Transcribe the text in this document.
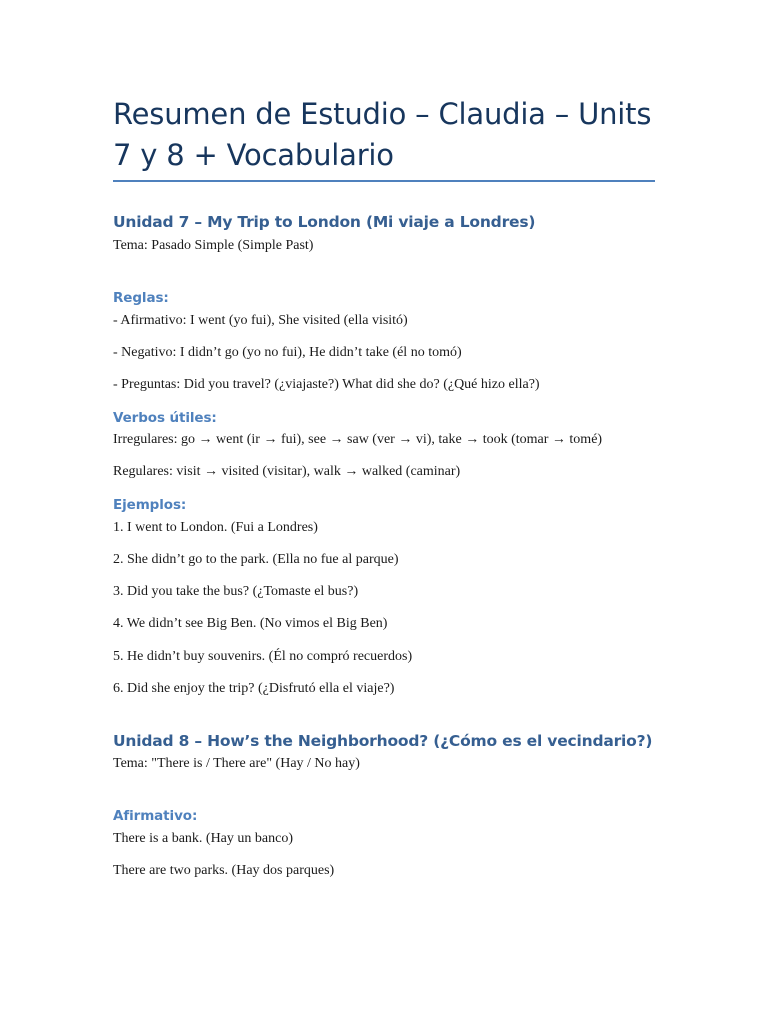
Resumen de Estudio – Claudia – Units 7 y 8 + Vocabulario
Unidad 7 – My Trip to London (Mi viaje a Londres)

Tema: Pasado Simple (Simple Past)

Reglas:

- Afirmativo: I went (yo fui), She visited (ella visitó)

- Negativo: I didn’t go (yo no fui), He didn’t take (él no tomó)

- Preguntas: Did you travel? (¿viajaste?) What did she do? (¿Qué hizo ella?)

Verbos útiles:

Irregulares: go → went (ir → fui), see → saw (ver → vi), take → took (tomar → tomé)

Regulares: visit → visited (visitar), walk → walked (caminar)

Ejemplos:

1. I went to London. (Fui a Londres)

2. She didn’t go to the park. (Ella no fue al parque)

3. Did you take the bus? (¿Tomaste el bus?)

4. We didn’t see Big Ben. (No vimos el Big Ben)

5. He didn’t buy souvenirs. (Él no compró recuerdos)

6. Did she enjoy the trip? (¿Disfrutó ella el viaje?)

Unidad 8 – How’s the Neighborhood? (¿Cómo es el vecindario?)

Tema: "There is / There are" (Hay / No hay)

Afirmativo:

There is a bank. (Hay un banco)

There are two parks. (Hay dos parques)
